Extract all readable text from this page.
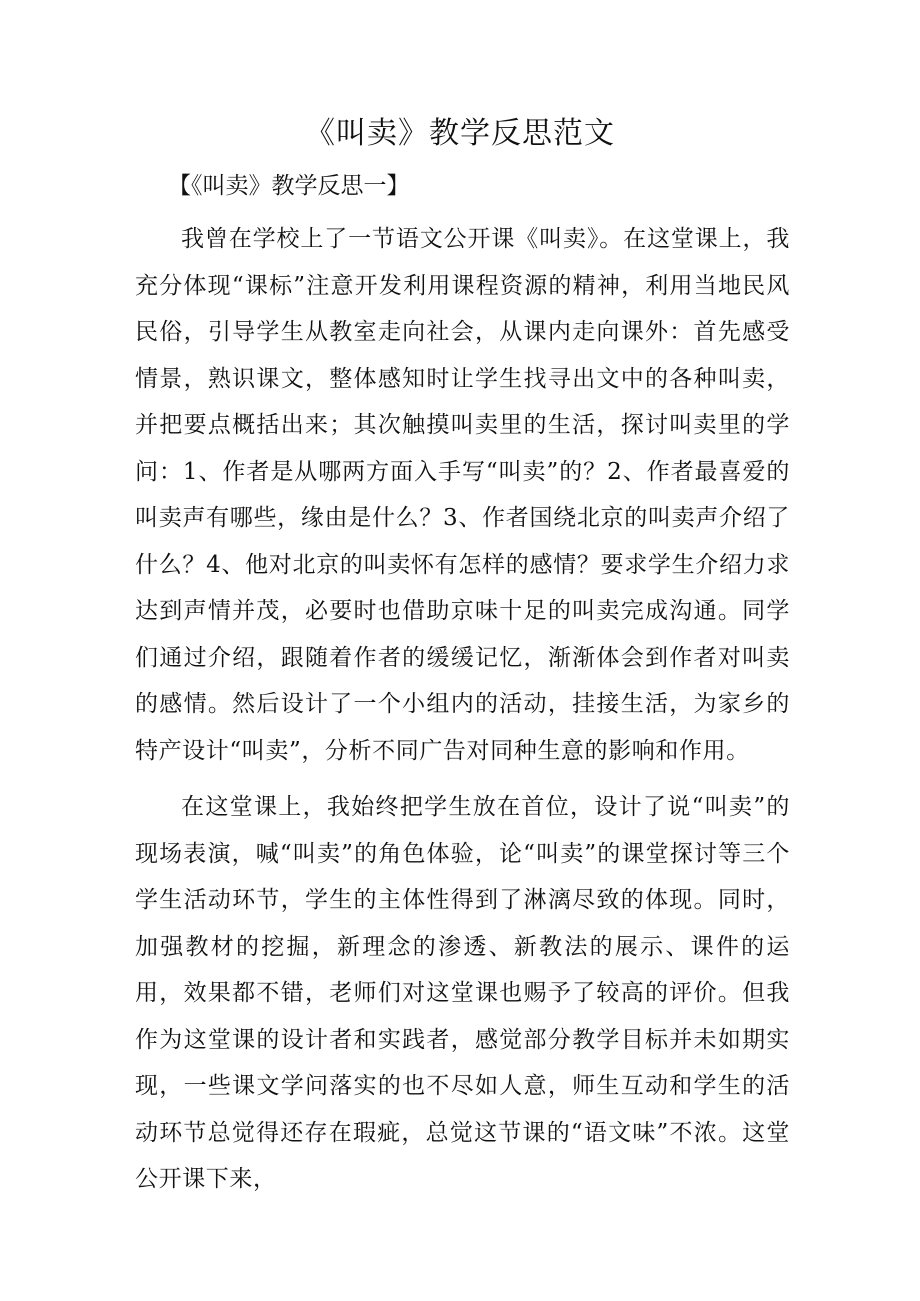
《叫卖》教学反思范文
【《叫卖》教学反思一】

我曾在学校上了一节语文公开课《叫卖》。在这堂课上，我充分体现“课标”注意开发利用课程资源的精神，利用当地民风民俗，引导学生从教室走向社会，从课内走向课外：首先感受情景，熟识课文，整体感知时让学生找寻出文中的各种叫卖，并把要点概括出来；其次触摸叫卖里的生活，探讨叫卖里的学问：1、作者是从哪两方面入手写“叫卖”的？2、作者最喜爱的叫卖声有哪些，缘由是什么？3、作者国绕北京的叫卖声介绍了什么？4、他对北京的叫卖怀有怎样的感情？要求学生介绍力求达到声情并茂，必要时也借助京味十足的叫卖完成沟通。同学们通过介绍，跟随着作者的缓缓记忆，渐渐体会到作者对叫卖的感情。然后设计了一个小组内的活动，挂接生活，为家乡的特产设计“叫卖”，分析不同广告对同种生意的影响和作用。

在这堂课上，我始终把学生放在首位，设计了说“叫卖”的现场表演，喊“叫卖”的角色体验，论“叫卖”的课堂探讨等三个学生活动环节，学生的主体性得到了淋漓尽致的体现。同时，加强教材的挖掘，新理念的渗透、新教法的展示、课件的运用，效果都不错，老师们对这堂课也赐予了较高的评价。但我作为这堂课的设计者和实践者，感觉部分教学目标并未如期实现，一些课文学问落实的也不尽如人意，师生互动和学生的活动环节总觉得还存在瑕疵，总觉这节课的“语文味”不浓。这堂公开课下来，
